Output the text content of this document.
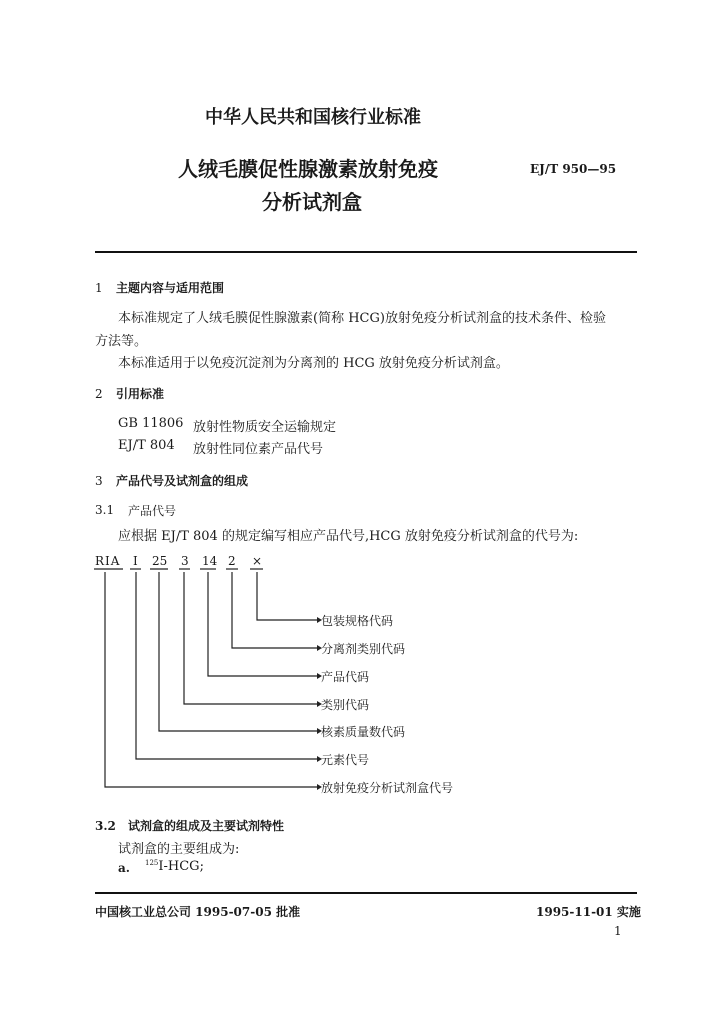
中华人民共和国核行业标准
人绒毛膜促性腺激素放射免疫
分析试剂盒
EJ/T 950—95
1 主题内容与适用范围
本标准规定了人绒毛膜促性腺激素(简称 HCG)放射免疫分析试剂盒的技术条件、检验
方法等。
本标准适用于以免疫沉淀剂为分离剂的 HCG 放射免疫分析试剂盒。
2 引用标准
GB 11806 放射性物质安全运输规定
EJ/T 804 放射性同位素产品代号
3 产品代号及试剂盒的组成
3.1 产品代号
应根据 EJ/T 804 的规定编写相应产品代号,HCG 放射免疫分析试剂盒的代号为:
RIA I 25 3 14 2 ×
包装规格代码
分离剂类别代码
产品代码
类别代码
核素质量数代码
元素代号
放射免疫分析试剂盒代号
3.2 试剂盒的组成及主要试剂特性
试剂盒的主要组成为:
a. $^{125}$I-HCG;
中国核工业总公司 1995-07-05 批准	1995-11-01 实施
1
